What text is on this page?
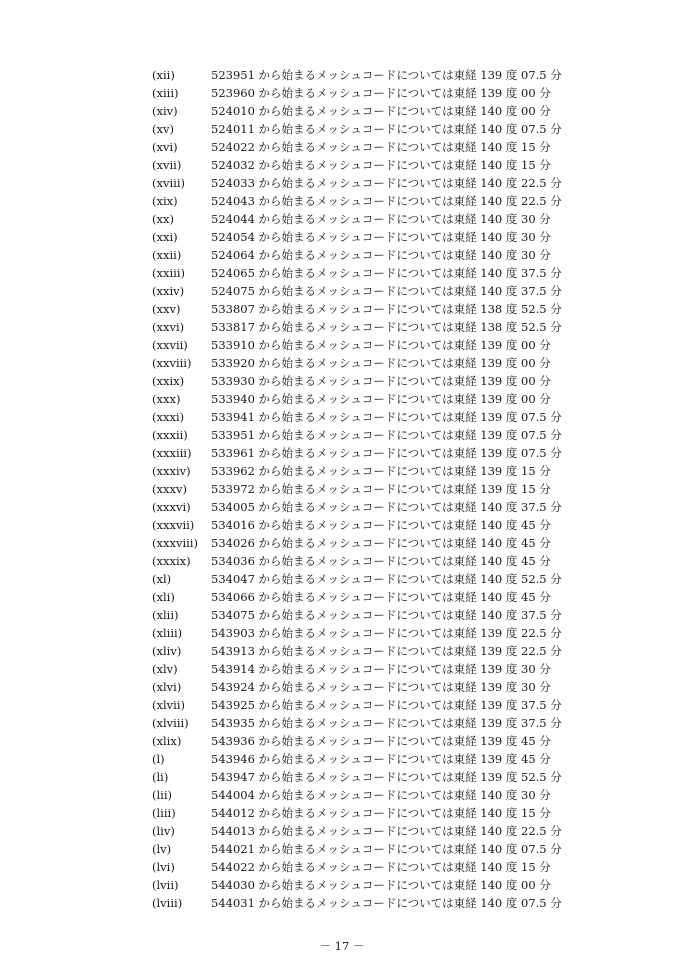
(xii)	523951 から始まるメッシュコードについては東経 139 度 07.5 分
(xiii)	523960 から始まるメッシュコードについては東経 139 度 00 分
(xiv)	524010 から始まるメッシュコードについては東経 140 度 00 分
(xv)	524011 から始まるメッシュコードについては東経 140 度 07.5 分
(xvi)	524022 から始まるメッシュコードについては東経 140 度 15 分
(xvii)	524032 から始まるメッシュコードについては東経 140 度 15 分
(xviii) 524033 から始まるメッシュコードについては東経 140 度 22.5 分
(xix)	524043 から始まるメッシュコードについては東経 140 度 22.5 分
(xx)	524044 から始まるメッシュコードについては東経 140 度 30 分
(xxi)	524054 から始まるメッシュコードについては東経 140 度 30 分
(xxii)	524064 から始まるメッシュコードについては東経 140 度 30 分
(xxiii) 524065 から始まるメッシュコードについては東経 140 度 37.5 分
(xxiv) 524075 から始まるメッシュコードについては東経 140 度 37.5 分
(xxv)	533807 から始まるメッシュコードについては東経 138 度 52.5 分
(xxvi) 533817 から始まるメッシュコードについては東経 138 度 52.5 分
(xxvii) 533910 から始まるメッシュコードについては東経 139 度 00 分
(xxviii) 533920 から始まるメッシュコードについては東経 139 度 00 分
(xxix) 533930 から始まるメッシュコードについては東経 139 度 00 分
(xxx)	533940 から始まるメッシュコードについては東経 139 度 00 分
(xxxi) 533941 から始まるメッシュコードについては東経 139 度 07.5 分
(xxxii) 533951 から始まるメッシュコードについては東経 139 度 07.5 分
(xxxiii) 533961 から始まるメッシュコードについては東経 139 度 07.5 分
(xxxiv) 533962 から始まるメッシュコードについては東経 139 度 15 分
(xxxv) 533972 から始まるメッシュコードについては東経 139 度 15 分
(xxxvi) 534005 から始まるメッシュコードについては東経 140 度 37.5 分
(xxxvii) 534016 から始まるメッシュコードについては東経 140 度 45 分
(xxxviii) 534026 から始まるメッシュコードについては東経 140 度 45 分
(xxxix) 534036 から始まるメッシュコードについては東経 140 度 45 分
(xl)	534047 から始まるメッシュコードについては東経 140 度 52.5 分
(xli)	534066 から始まるメッシュコードについては東経 140 度 45 分
(xlii)	534075 から始まるメッシュコードについては東経 140 度 37.5 分
(xliii)	543903 から始まるメッシュコードについては東経 139 度 22.5 分
(xliv)	543913 から始まるメッシュコードについては東経 139 度 22.5 分
(xlv)	543914 から始まるメッシュコードについては東経 139 度 30 分
(xlvi)	543924 から始まるメッシュコードについては東経 139 度 30 分
(xlvii) 543925 から始まるメッシュコードについては東経 139 度 37.5 分
(xlviii) 543935 から始まるメッシュコードについては東経 139 度 37.5 分
(xlix)	543936 から始まるメッシュコードについては東経 139 度 45 分
(l)	543946 から始まるメッシュコードについては東経 139 度 45 分
(li)	543947 から始まるメッシュコードについては東経 139 度 52.5 分
(lii)	544004 から始まるメッシュコードについては東経 140 度 30 分
(liii)	544012 から始まるメッシュコードについては東経 140 度 15 分
(liv)	544013 から始まるメッシュコードについては東経 140 度 22.5 分
(lv)	544021 から始まるメッシュコードについては東経 140 度 07.5 分
(lvi)	544022 から始まるメッシュコードについては東経 140 度 15 分
(lvii)	544030 から始まるメッシュコードについては東経 140 度 00 分
(lviii)	544031 から始まるメッシュコードについては東経 140 度 07.5 分
－ 17 －
